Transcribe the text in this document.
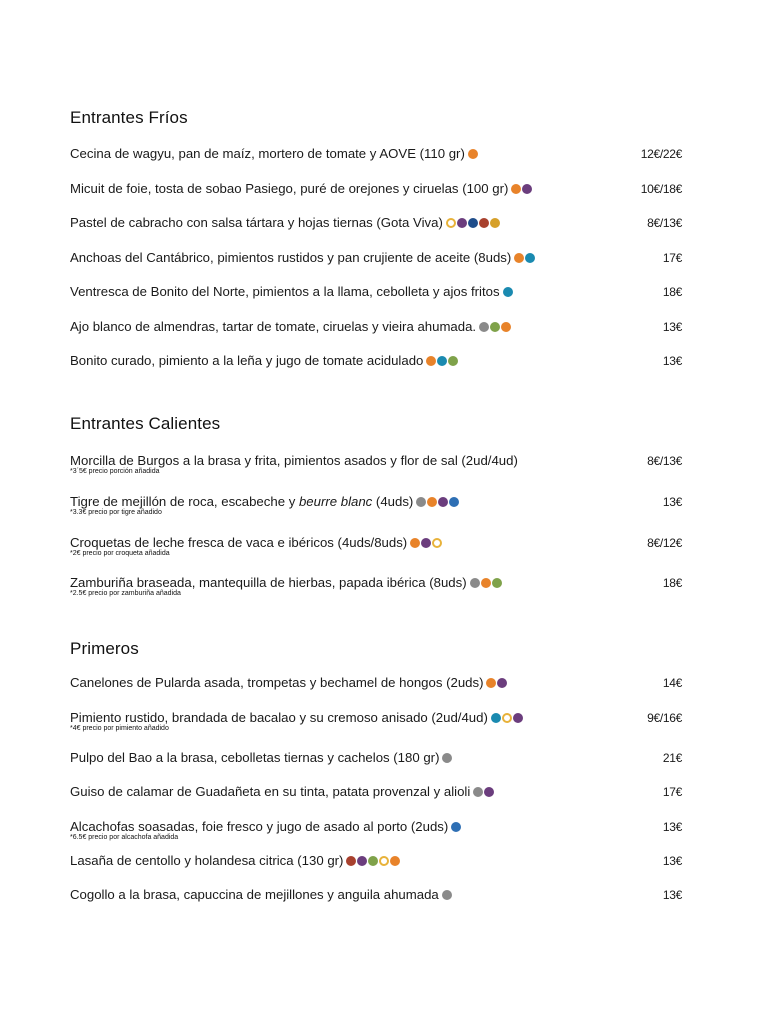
Entrantes Fríos
Cecina de wagyu, pan de maíz, mortero de tomate y AOVE (110 gr)	12€/22€
Micuit de foie, tosta de sobao Pasiego, puré de orejones y ciruelas (100 gr)	10€/18€
Pastel de cabracho con salsa tártara y hojas tiernas (Gota Viva)	8€/13€
Anchoas del Cantábrico, pimientos rustidos y pan crujiente de aceite (8uds)	17€
Ventresca de Bonito del Norte, pimientos a la llama, cebolleta y ajos fritos	18€
Ajo blanco de almendras, tartar de tomate, ciruelas y vieira ahumada.	13€
Bonito curado, pimiento a la leña y jugo de tomate acidulado	13€
Entrantes Calientes
Morcilla de Burgos a la brasa y frita, pimientos asados y flor de sal (2ud/4ud)	8€/13€
*3´5€ precio porción añadida
Tigre de mejillón de roca, escabeche y beurre blanc (4uds)	13€
*3.3€ precio por tigre añadido
Croquetas de leche fresca de vaca e ibéricos (4uds/8uds)	8€/12€
*2€ precio por croqueta añadida
Zamburiña braseada, mantequilla de hierbas, papada ibérica (8uds)	18€
*2.5€ precio por zamburiña añadida
Primeros
Canelones de Pularda asada, trompetas y bechamel de hongos (2uds)	14€
Pimiento rustido, brandada de bacalao y su cremoso anisado (2ud/4ud)	9€/16€
*4€ precio por pimiento añadido
Pulpo del Bao a la brasa, cebolletas tiernas y cachelos (180 gr)	21€
Guiso de calamar de Guadañeta en su tinta, patata provenzal y alioli	17€
Alcachofas soasadas, foie fresco y jugo de asado al porto (2uds)	13€
*6.5€ precio por alcachofa añadida
Lasaña de centollo y holandesa citrica (130 gr)	13€
Cogollo a la brasa, capuccina de mejillones y anguila ahumada	13€
